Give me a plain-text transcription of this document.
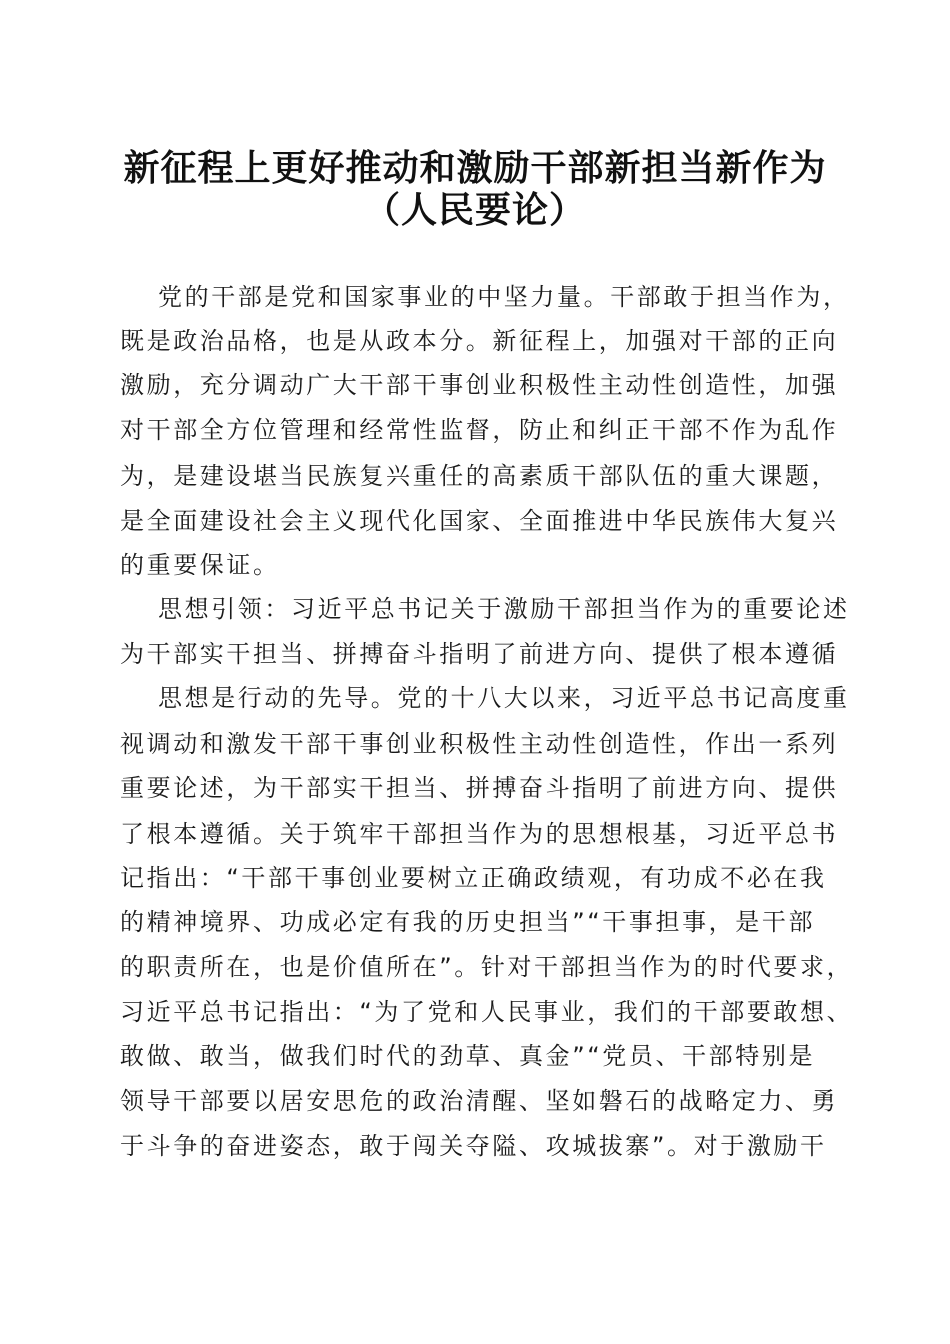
新征程上更好推动和激励干部新担当新作为
（人民要论）
党的干部是党和国家事业的中坚力量。干部敢于担当作为，
既是政治品格，也是从政本分。新征程上，加强对干部的正向
激励，充分调动广大干部干事创业积极性主动性创造性，加强
对干部全方位管理和经常性监督，防止和纠正干部不作为乱作
为，是建设堪当民族复兴重任的高素质干部队伍的重大课题，
是全面建设社会主义现代化国家、全面推进中华民族伟大复兴
的重要保证。
思想引领：习近平总书记关于激励干部担当作为的重要论述
为干部实干担当、拼搏奋斗指明了前进方向、提供了根本遵循
思想是行动的先导。党的十八大以来，习近平总书记高度重
视调动和激发干部干事创业积极性主动性创造性，作出一系列
重要论述，为干部实干担当、拼搏奋斗指明了前进方向、提供
了根本遵循。关于筑牢干部担当作为的思想根基，习近平总书
记指出：“干部干事创业要树立正确政绩观，有功成不必在我
的精神境界、功成必定有我的历史担当”“干事担事，是干部
的职责所在，也是价值所在”。针对干部担当作为的时代要求，
习近平总书记指出：“为了党和人民事业，我们的干部要敢想、
敢做、敢当，做我们时代的劲草、真金”“党员、干部特别是
领导干部要以居安思危的政治清醒、坚如磐石的战略定力、勇
于斗争的奋进姿态，敢于闯关夺隘、攻城拔寨”。对于激励干
